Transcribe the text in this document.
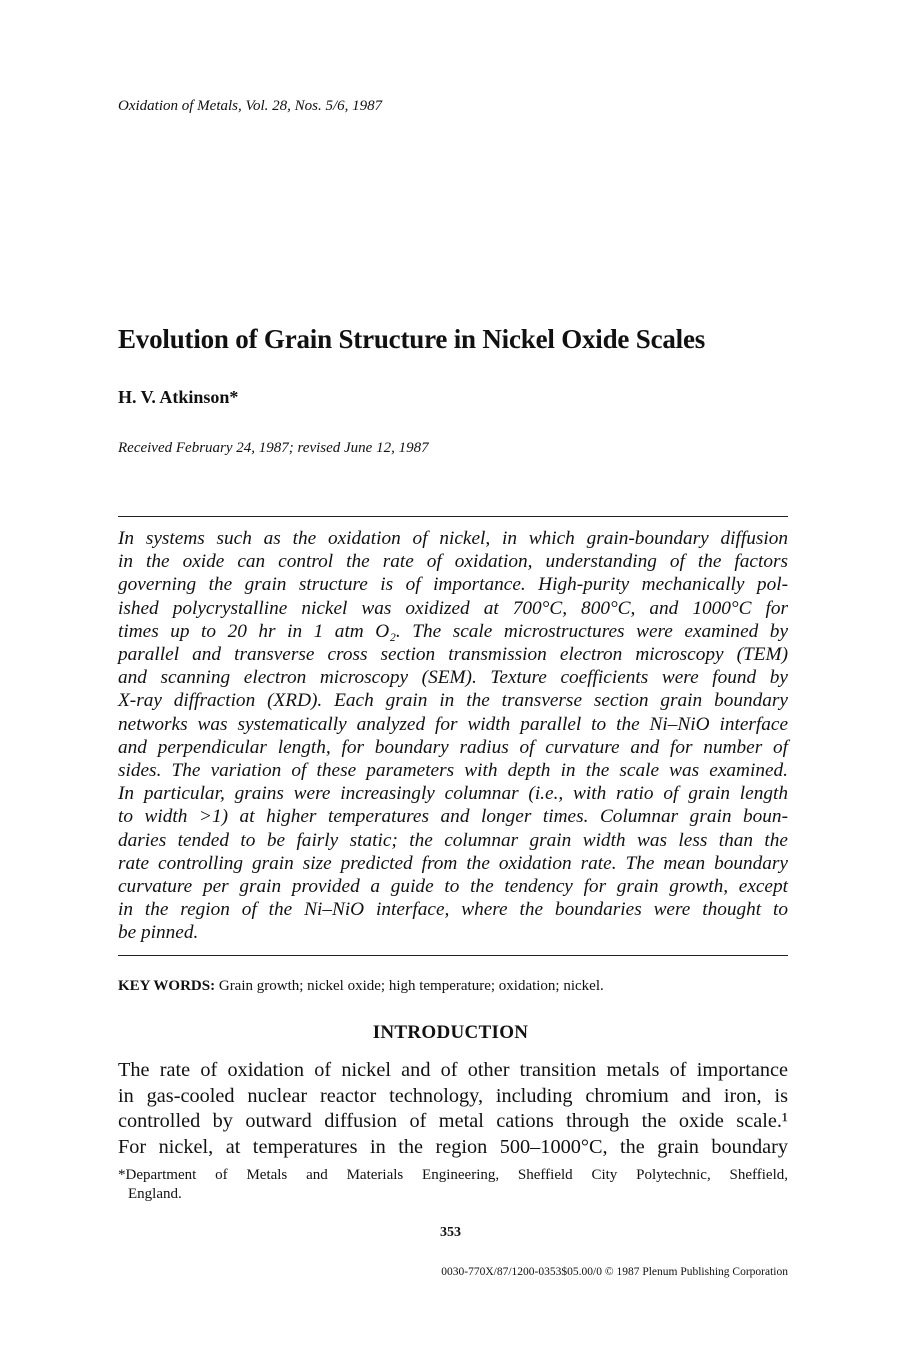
Oxidation of Metals, Vol. 28, Nos. 5/6, 1987
Evolution of Grain Structure in Nickel Oxide Scales
H. V. Atkinson*
Received February 24, 1987; revised June 12, 1987
In systems such as the oxidation of nickel, in which grain-boundary diffusion
in the oxide can control the rate of oxidation, understanding of the factors
governing the grain structure is of importance. High-purity mechanically pol-
ished polycrystalline nickel was oxidized at 700°C, 800°C, and 1000°C for
times up to 20 hr in 1 atm O₂. The scale microstructures were examined by
parallel and transverse cross section transmission electron microscopy (TEM)
and scanning electron microscopy (SEM). Texture coefficients were found by
X-ray diffraction (XRD). Each grain in the transverse section grain boundary
networks was systematically analyzed for width parallel to the Ni–NiO interface
and perpendicular length, for boundary radius of curvature and for number of
sides. The variation of these parameters with depth in the scale was examined.
In particular, grains were increasingly columnar (i.e., with ratio of grain length
to width >1) at higher temperatures and longer times. Columnar grain boun-
daries tended to be fairly static; the columnar grain width was less than the
rate controlling grain size predicted from the oxidation rate. The mean boundary
curvature per grain provided a guide to the tendency for grain growth, except
in the region of the Ni–NiO interface, where the boundaries were thought to
be pinned.
KEY WORDS: Grain growth; nickel oxide; high temperature; oxidation; nickel.
INTRODUCTION
The rate of oxidation of nickel and of other transition metals of importance
in gas-cooled nuclear reactor technology, including chromium and iron, is
controlled by outward diffusion of metal cations through the oxide scale.¹
For nickel, at temperatures in the region 500–1000°C, the grain boundary
*Department of Metals and Materials Engineering, Sheffield City Polytechnic, Sheffield,
England.
353
0030-770X/87/1200-0353$05.00/0 © 1987 Plenum Publishing Corporation
